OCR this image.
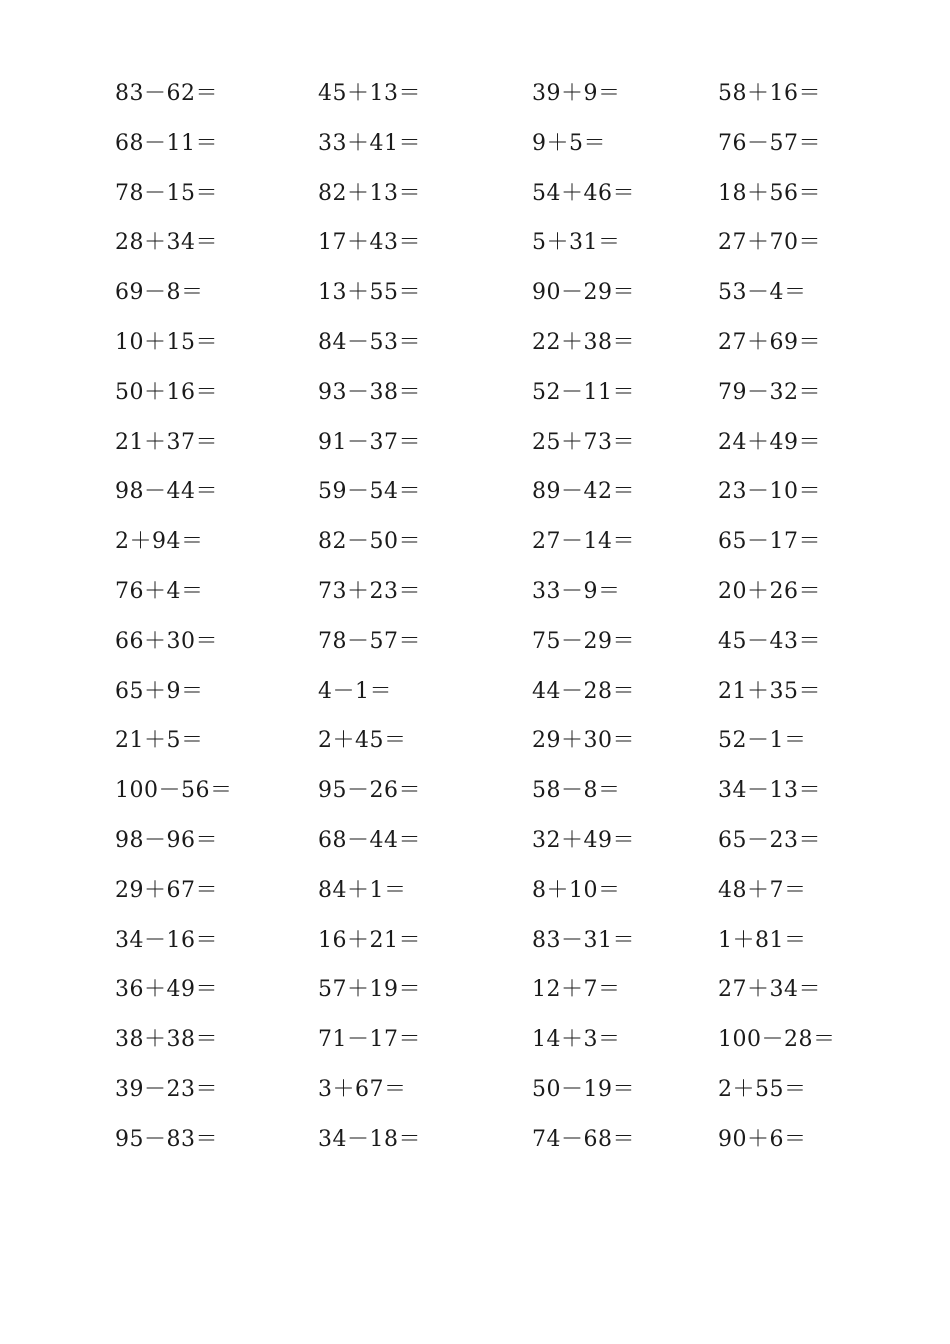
83－62＝	45＋13＝	39＋9＝	58＋16＝
68－11＝	33＋41＝	9＋5＝	76－57＝
78－15＝	82＋13＝	54＋46＝	18＋56＝
28＋34＝	17＋43＝	5＋31＝	27＋70＝
69－8＝	13＋55＝	90－29＝	53－4＝
10＋15＝	84－53＝	22＋38＝	27＋69＝
50＋16＝	93－38＝	52－11＝	79－32＝
21＋37＝	91－37＝	25＋73＝	24＋49＝
98－44＝	59－54＝	89－42＝	23－10＝
2＋94＝	82－50＝	27－14＝	65－17＝
76＋4＝	73＋23＝	33－9＝	20＋26＝
66＋30＝	78－57＝	75－29＝	45－43＝
65＋9＝	4－1＝	44－28＝	21＋35＝
21＋5＝	2＋45＝	29＋30＝	52－1＝
100－56＝	95－26＝	58－8＝	34－13＝
98－96＝	68－44＝	32＋49＝	65－23＝
29＋67＝	84＋1＝	8＋10＝	48＋7＝
34－16＝	16＋21＝	83－31＝	1＋81＝
36＋49＝	57＋19＝	12＋7＝	27＋34＝
38＋38＝	71－17＝	14＋3＝	100－28＝
39－23＝	3＋67＝	50－19＝	2＋55＝
95－83＝	34－18＝	74－68＝	90＋6＝
